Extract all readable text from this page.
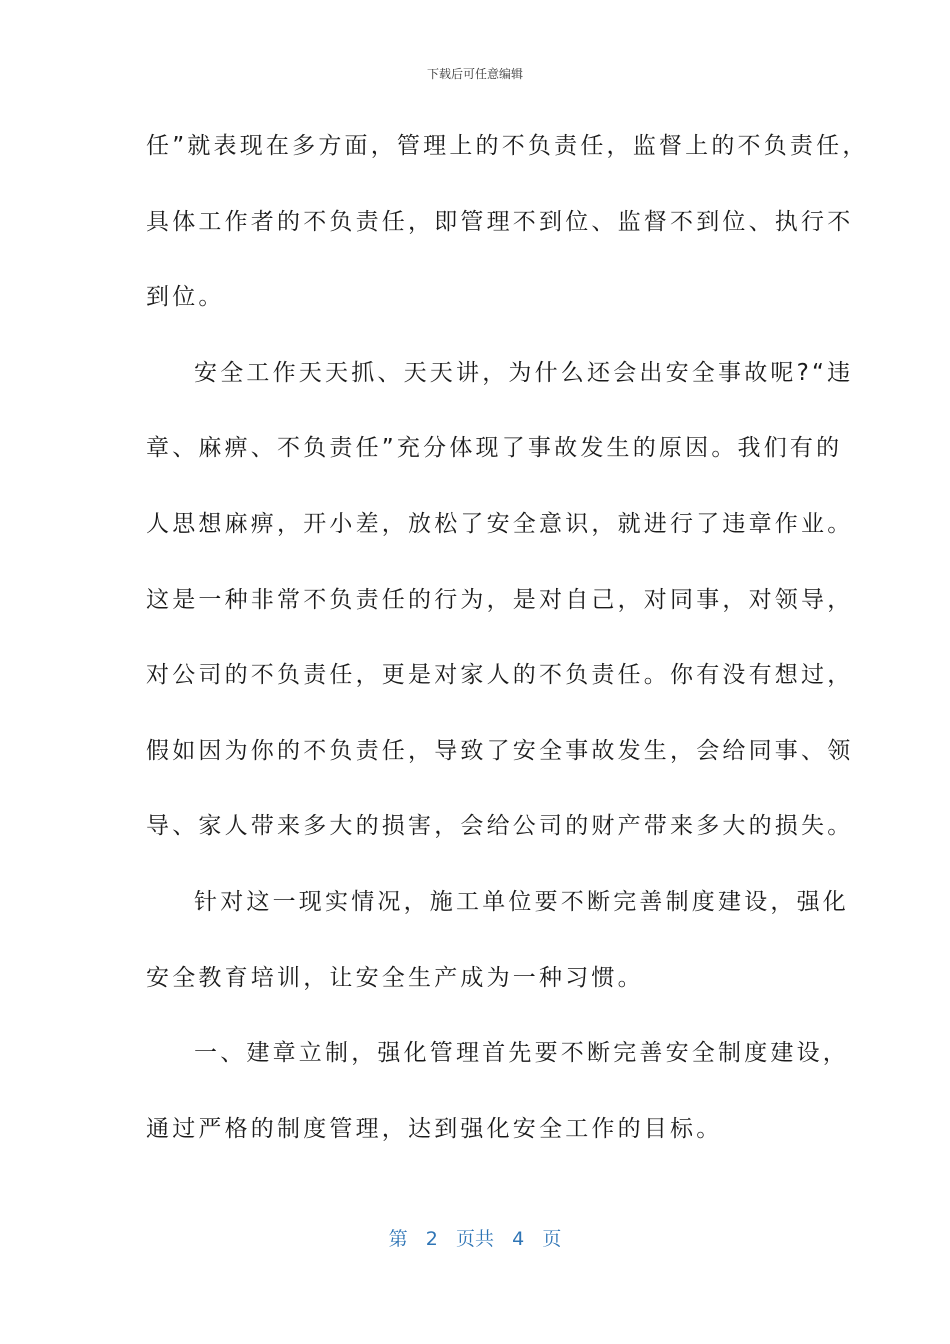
下载后可任意编辑
任”就表现在多方面，管理上的不负责任，监督上的不负责任，
具体工作者的不负责任，即管理不到位、监督不到位、执行不
到位。
安全工作天天抓、天天讲，为什么还会出安全事故呢?“违
章、麻痹、不负责任”充分体现了事故发生的原因。我们有的
人思想麻痹，开小差，放松了安全意识，就进行了违章作业。
这是一种非常不负责任的行为，是对自己，对同事，对领导，
对公司的不负责任，更是对家人的不负责任。你有没有想过，
假如因为你的不负责任，导致了安全事故发生，会给同事、领
导、家人带来多大的损害，会给公司的财产带来多大的损失。
针对这一现实情况，施工单位要不断完善制度建设，强化
安全教育培训，让安全生产成为一种习惯。
一、建章立制，强化管理首先要不断完善安全制度建设，
通过严格的制度管理，达到强化安全工作的目标。
第 2 页共 4 页
